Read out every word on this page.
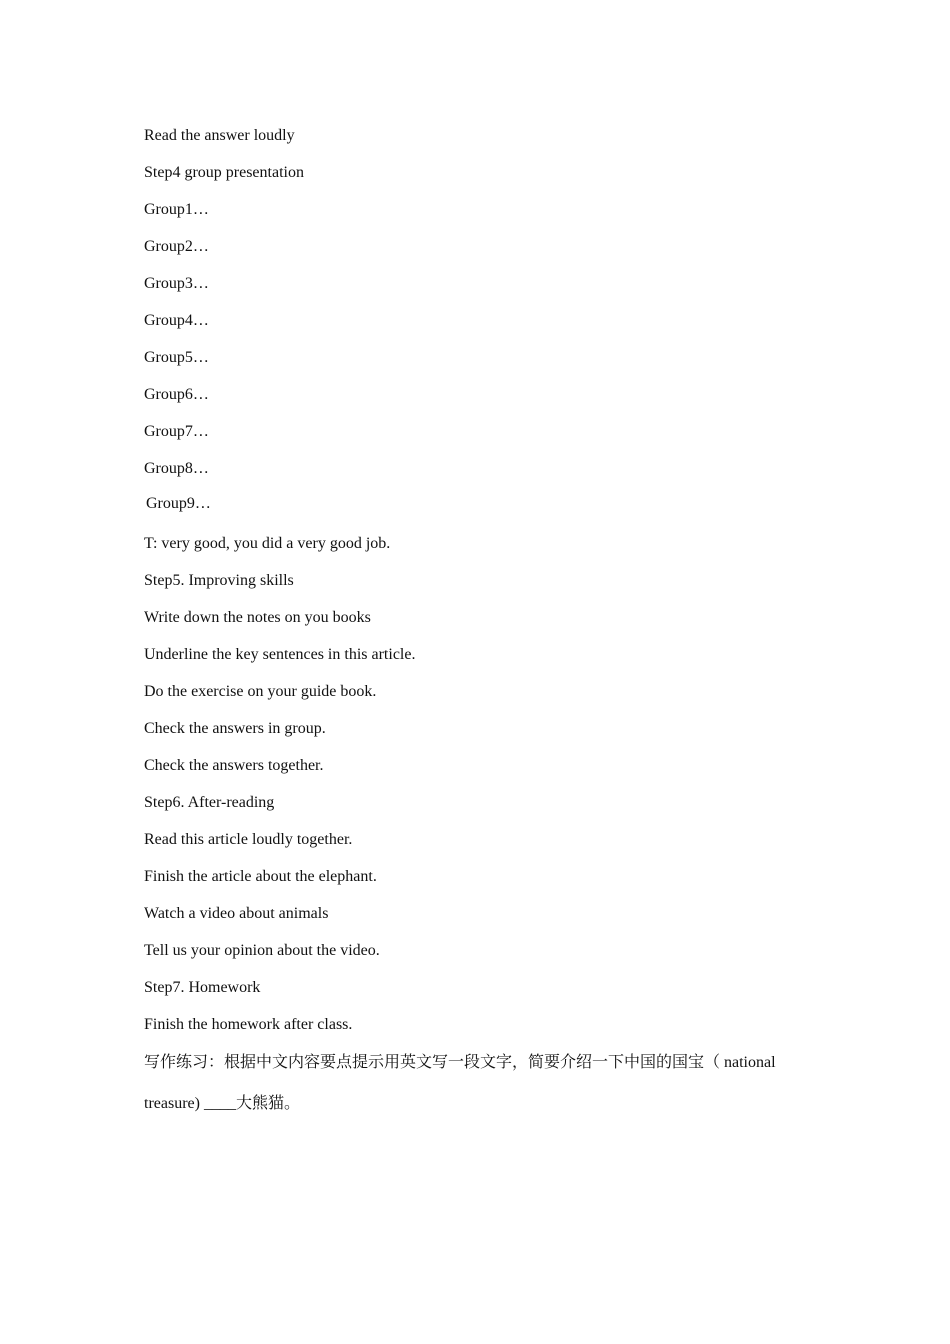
Read the answer loudly
Step4 group presentation
Group1…
Group2…
Group3…
Group4…
Group5…
Group6…
Group7…
Group8…
Group9…
T: very good, you did a very good job.
Step5. Improving skills
Write down the notes on you books
Underline the key sentences in this article.
Do the exercise on your guide book.
Check the answers in group.
Check the answers together.
Step6. After-reading
Read this article loudly together.
Finish the article about the elephant.
Watch a video about animals
Tell us your opinion about the video.
Step7. Homework
Finish the homework after class.
写作练习：根据中文内容要点提示用英文写一段文字，简要介绍一下中国的国宝（ national
treasure) ____大熊猫。
